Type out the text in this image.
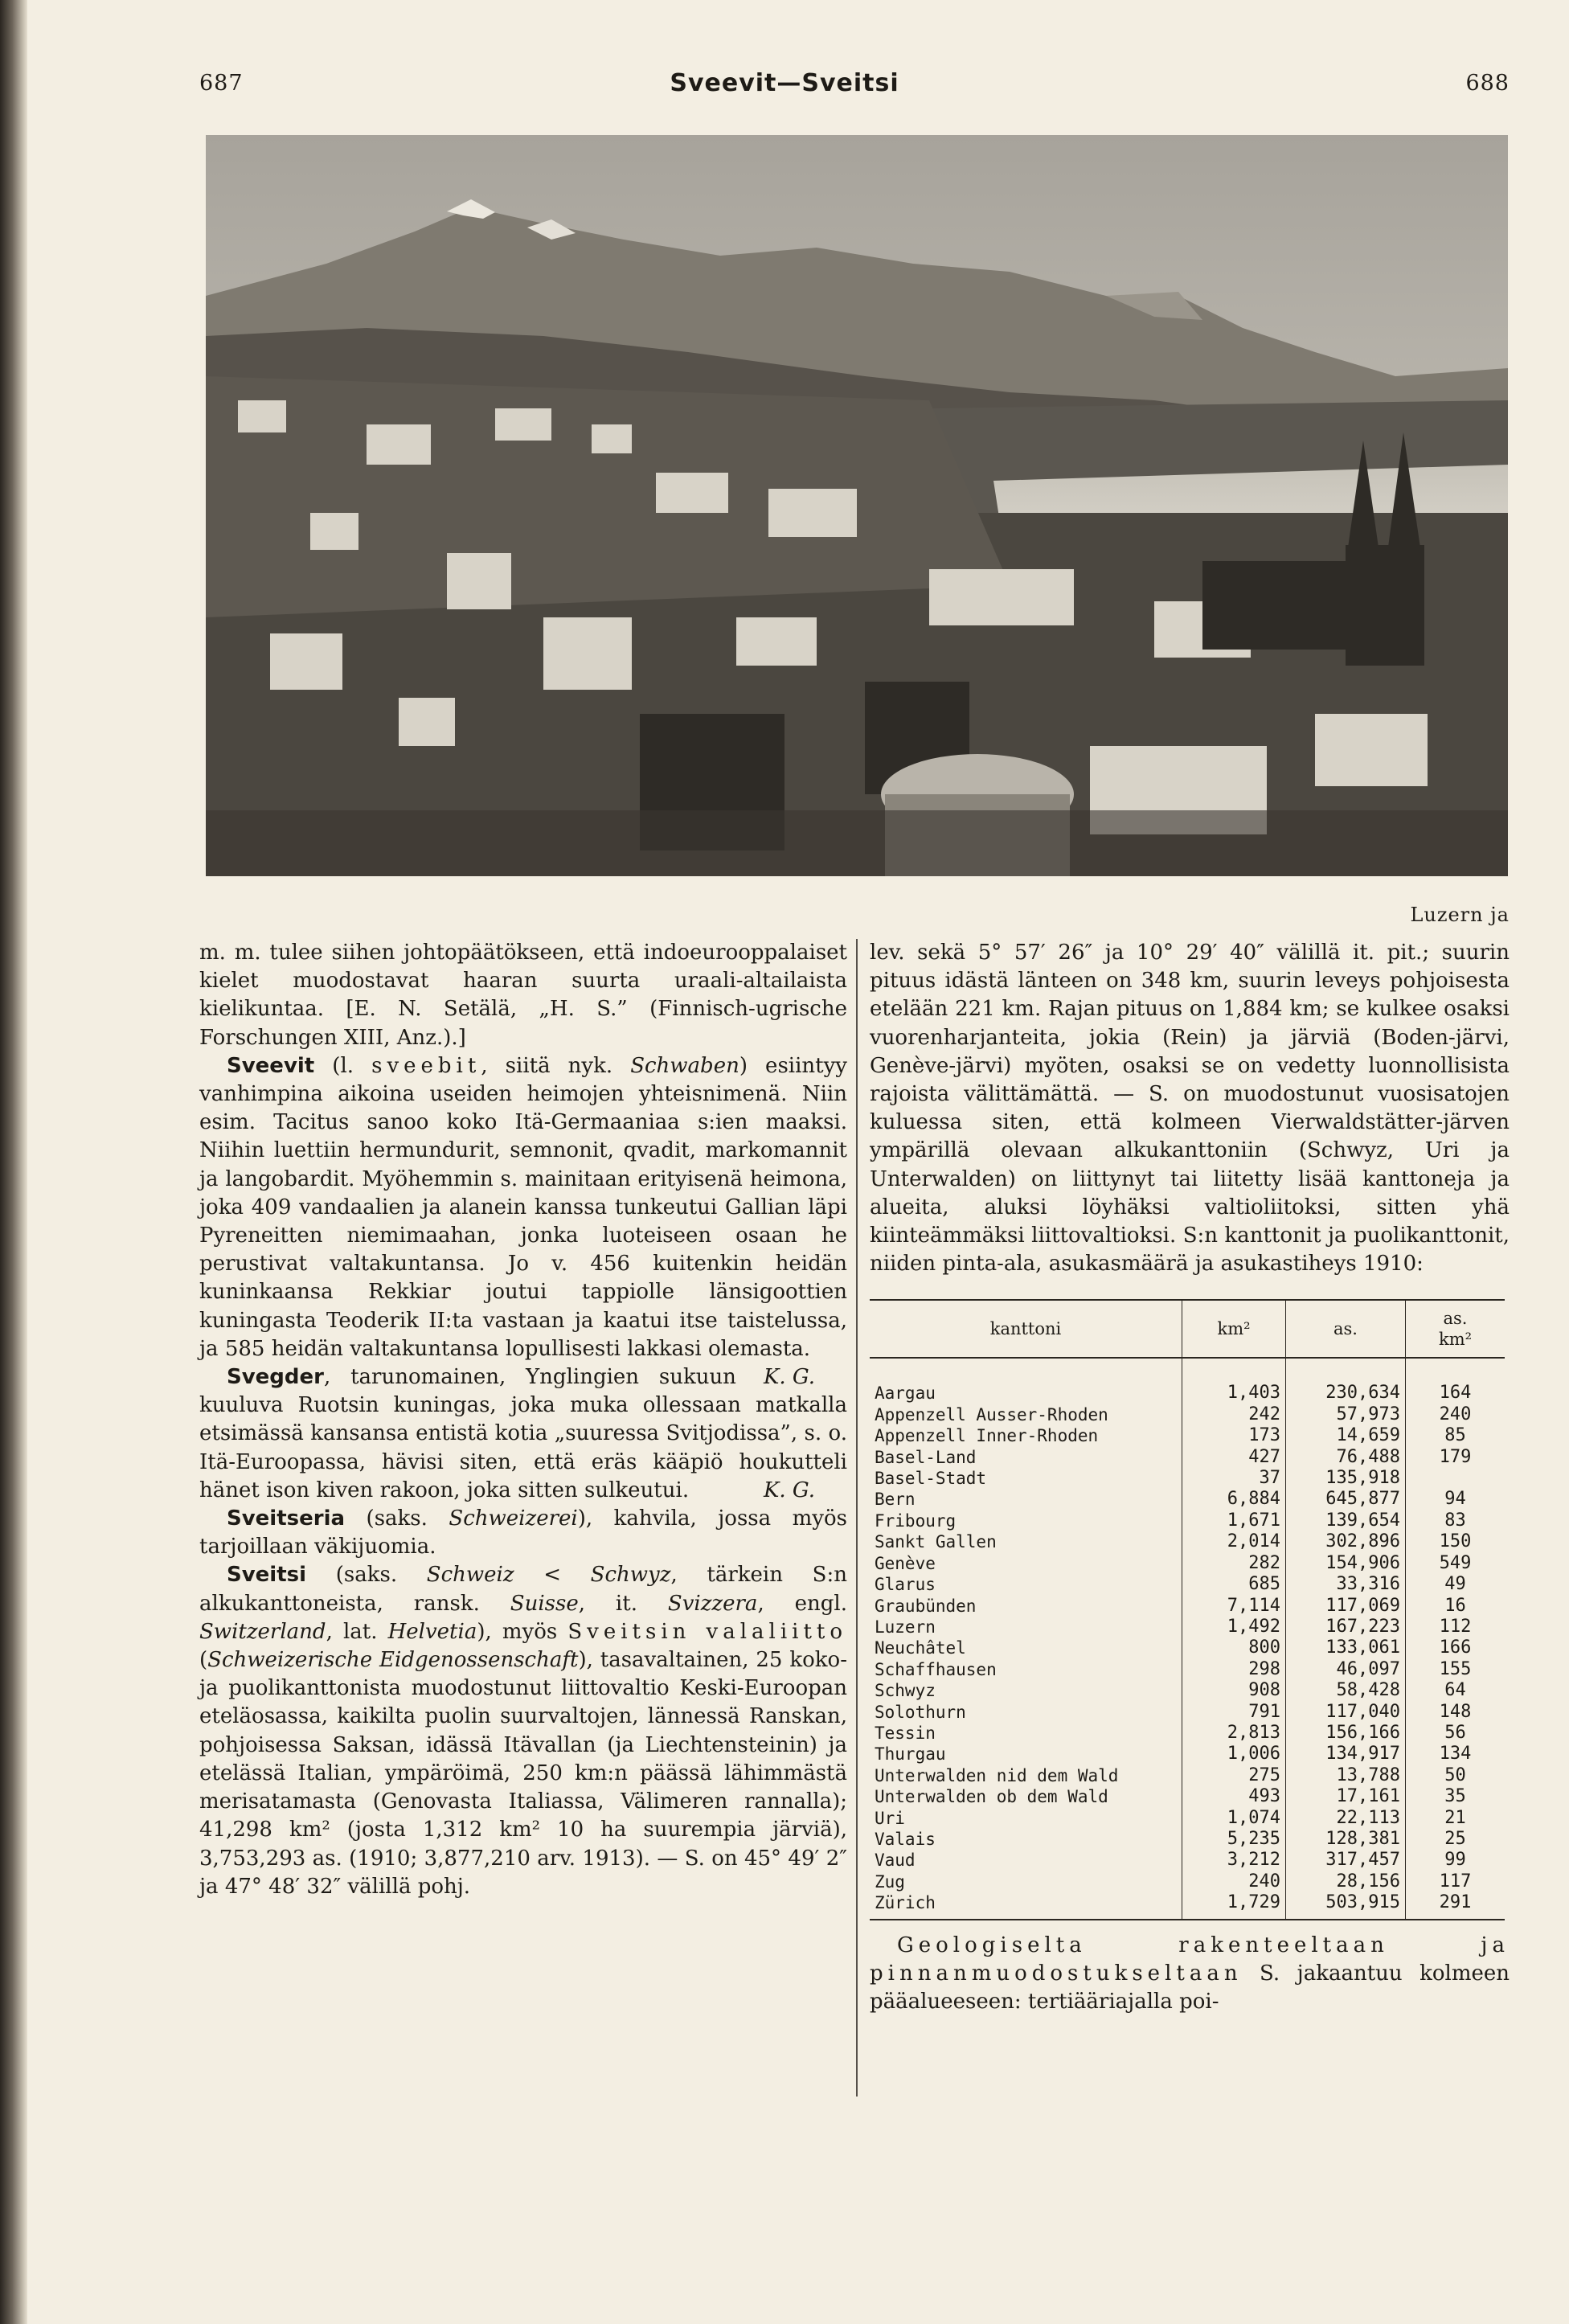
687	Sveevit—Sveitsi	688
Luzern ja

m. m. tulee siihen johtopäätökseen, että indoeurooppalaiset kielet muodostavat haaran suurta uraali-altailaista kielikuntaa. [E. N. Setälä, „H. S.” (Finnisch-ugrische Forschungen XIII, Anz.).]

Sveevit (l. sveebit, siitä nyk. Schwaben) esiintyy vanhimpina aikoina useiden heimojen yhteisnimenä. Niin esim. Tacitus sanoo koko Itä-Germaaniaa s:ien maaksi. Niihin luettiin hermundurit, semnonit, qvadit, markomannit ja langobardit. Myöhemmin s. mainitaan erityisenä heimona, joka 409 vandaalien ja alanein kanssa tunkeutui Gallian läpi Pyreneitten niemimaahan, jonka luoteiseen osaan he perustivat valtakuntansa. Jo v. 456 kuitenkin heidän kuninkaansa Rekkiar joutui tappiolle länsigoottien kuningasta Teoderik II:ta vastaan ja kaatui itse taistelussa, ja 585 heidän valtakuntansa lopullisesti lakkasi olemasta.
K. G.

Svegder, tarunomainen, Ynglingien sukuun kuuluva Ruotsin kuningas, joka muka ollessaan matkalla etsimässä kansansa entistä kotia „suuressa Svitjodissa”, s. o. Itä-Euroopassa, hävisi siten, että eräs kääpiö houkutteli hänet ison kiven rakoon, joka sitten sulkeutui.	K. G.

Sveitseria (saks. Schweizerei), kahvila, jossa myös tarjoillaan väkijuomia.

Sveitsi (saks. Schweiz < Schwyz, tärkein S:n alkukanttoneista, ransk. Suisse, it. Svizzera, engl. Switzerland, lat. Helvetia), myös Sveitsin valaliitto (Schweizerische Eidgenossenschaft), tasavaltainen, 25 koko- ja puolikanttonista muodostunut liittovaltio Keski-Euroopan eteläosassa, kaikilta puolin suurvaltojen, lännessä Ranskan, pohjoisessa Saksan, idässä Itävallan (ja Liechtensteinin) ja etelässä Italian, ympäröimä, 250 km:n päässä lähimmästä merisatamasta (Genovasta Italiassa, Välimeren rannalla); 41,298 km² (josta 1,312 km² 10 ha suurempia järviä), 3,753,293 as. (1910; 3,877,210 arv. 1913). — S. on 45° 49′ 2″ ja 47° 48′ 32″ välillä pohj.

lev. sekä 5° 57′ 26″ ja 10° 29′ 40″ välillä it. pit.; suurin pituus idästä länteen on 348 km, suurin leveys pohjoisesta etelään 221 km. Rajan pituus on 1,884 km; se kulkee osaksi vuorenharjanteita, jokia (Rein) ja järviä (Boden-järvi, Genève-järvi) myöten, osaksi se on vedetty luonnollisista rajoista välittämättä. — S. on muodostunut vuosisatojen kuluessa siten, että kolmeen Vierwaldstätter-järven ympärillä olevaan alkukanttoniin (Schwyz, Uri ja Unterwalden) on liittynyt tai liitetty lisää kanttoneja ja alueita, aluksi löyhäksi valtioliitoksi, sitten yhä kiinteämmäksi liittovaltioksi. S:n kanttonit ja puolikanttonit, niiden pinta-ala, asukasmäärä ja asukastiheys 1910:

kanttoni	km²	as.	as.
km²
Aargau	1,403	230,634	164
Appenzell Ausser-Rhoden	242	57,973	240
Appenzell Inner-Rhoden	173	14,659	85
Basel-Land	427	76,488	179
Basel-Stadt	37	135,918	
Bern	6,884	645,877	94
Fribourg	1,671	139,654	83
Sankt Gallen	2,014	302,896	150
Genève	282	154,906	549
Glarus	685	33,316	49
Graubünden	7,114	117,069	16
Luzern	1,492	167,223	112
Neuchâtel	800	133,061	166
Schaffhausen	298	46,097	155
Schwyz	908	58,428	64
Solothurn	791	117,040	148
Tessin	2,813	156,166	56
Thurgau	1,006	134,917	134
Unterwalden nid dem Wald	275	13,788	50
Unterwalden ob dem Wald	493	17,161	35
Uri	1,074	22,113	21
Valais	5,235	128,381	25
Vaud	3,212	317,457	99
Zug	240	28,156	117
Zürich	1,729	503,915	291

Geologiselta rakenteeltaan ja pinnanmuodostukseltaan S. jakaantuu kolmeen pääalueeseen: tertiääriajalla poi-
